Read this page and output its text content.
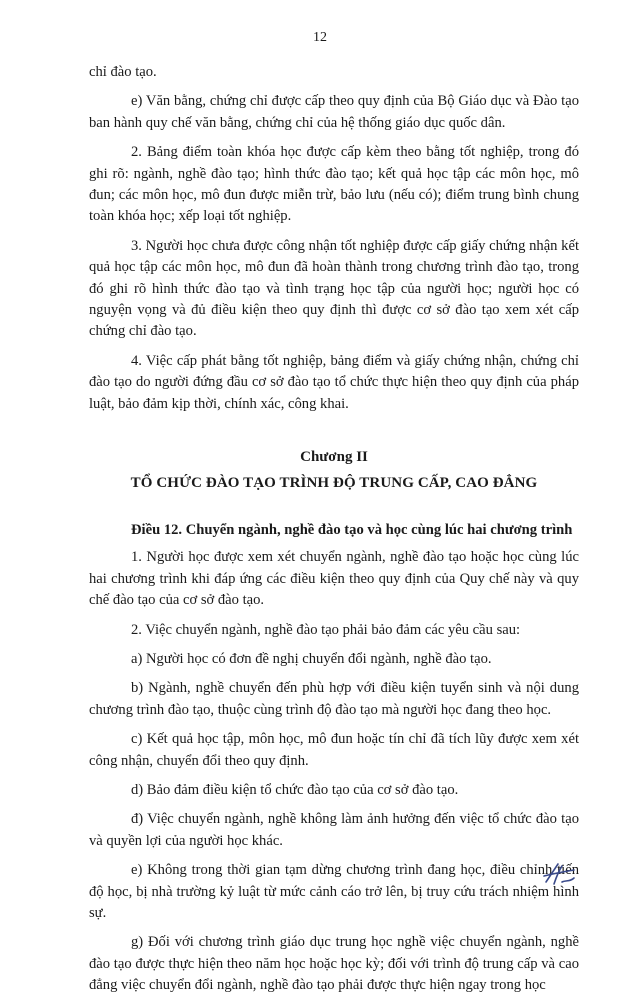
12

chỉ đào tạo.

e) Văn bằng, chứng chỉ được cấp theo quy định của Bộ Giáo dục và Đào tạo ban hành quy chế văn bằng, chứng chỉ của hệ thống giáo dục quốc dân.

2. Bảng điểm toàn khóa học được cấp kèm theo bằng tốt nghiệp, trong đó ghi rõ: ngành, nghề đào tạo; hình thức đào tạo; kết quả học tập các môn học, mô đun; các môn học, mô đun được miễn trừ, bảo lưu (nếu có); điểm trung bình chung toàn khóa học; xếp loại tốt nghiệp.

3. Người học chưa được công nhận tốt nghiệp được cấp giấy chứng nhận kết quả học tập các môn học, mô đun đã hoàn thành trong chương trình đào tạo, trong đó ghi rõ hình thức đào tạo và tình trạng học tập của người học; người học có nguyện vọng và đủ điều kiện theo quy định thì được cơ sở đào tạo xem xét cấp chứng chỉ đào tạo.

4. Việc cấp phát bằng tốt nghiệp, bảng điểm và giấy chứng nhận, chứng chỉ đào tạo do người đứng đầu cơ sở đào tạo tổ chức thực hiện theo quy định của pháp luật, bảo đảm kịp thời, chính xác, công khai.

Chương II

TỔ CHỨC ĐÀO TẠO TRÌNH ĐỘ TRUNG CẤP, CAO ĐẲNG

Điều 12. Chuyển ngành, nghề đào tạo và học cùng lúc hai chương trình

1. Người học được xem xét chuyển ngành, nghề đào tạo hoặc học cùng lúc hai chương trình khi đáp ứng các điều kiện theo quy định của Quy chế này và quy chế đào tạo của cơ sở đào tạo.

2. Việc chuyển ngành, nghề đào tạo phải bảo đảm các yêu cầu sau:

a) Người học có đơn đề nghị chuyển đổi ngành, nghề đào tạo.

b) Ngành, nghề chuyển đến phù hợp với điều kiện tuyển sinh và nội dung chương trình đào tạo, thuộc cùng trình độ đào tạo mà người học đang theo học.

c) Kết quả học tập, môn học, mô đun hoặc tín chỉ đã tích lũy được xem xét công nhận, chuyển đổi theo quy định.

d) Bảo đảm điều kiện tổ chức đào tạo của cơ sở đào tạo.

đ) Việc chuyển ngành, nghề không làm ảnh hưởng đến việc tổ chức đào tạo và quyền lợi của người học khác.

e) Không trong thời gian tạm dừng chương trình đang học, điều chỉnh tiến độ học, bị nhà trường kỷ luật từ mức cảnh cáo trở lên, bị truy cứu trách nhiệm hình sự.

g) Đối với chương trình giáo dục trung học nghề việc chuyển ngành, nghề đào tạo được thực hiện theo năm học hoặc học kỳ; đối với trình độ trung cấp và cao đẳng việc chuyển đổi ngành, nghề đào tạo phải được thực hiện ngay trong học
